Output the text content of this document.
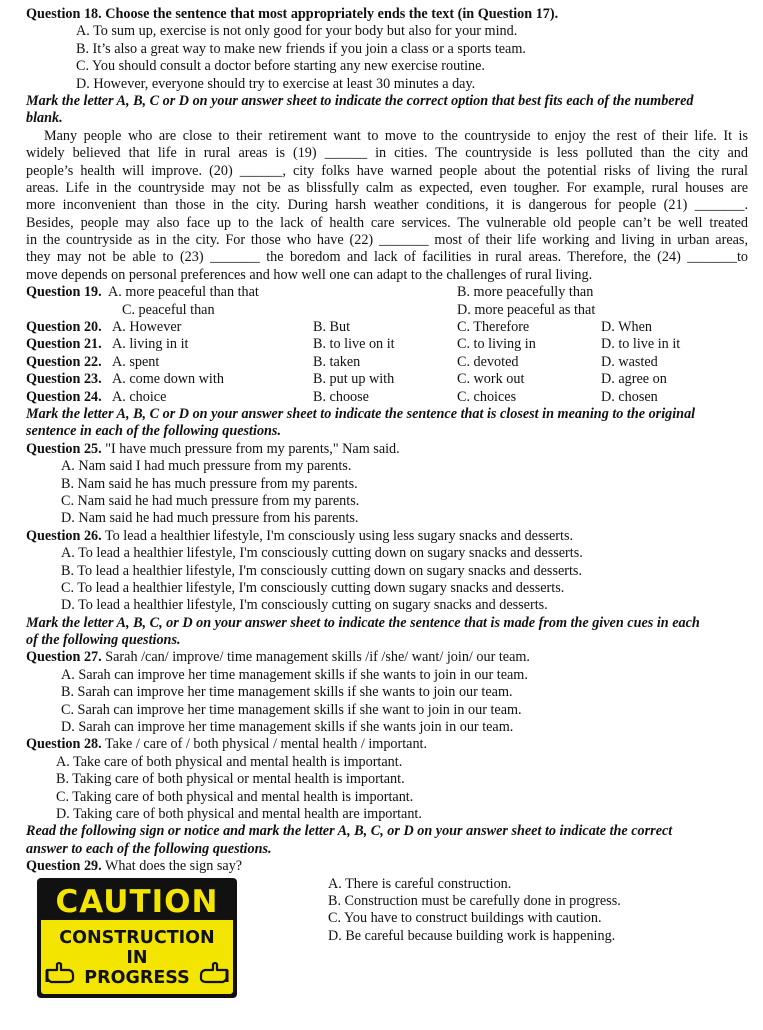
Question 18. Choose the sentence that most appropriately ends the text (in Question 17).
A. To sum up, exercise is not only good for your body but also for your mind.
B. It’s also a great way to make new friends if you join a class or a sports team.
C. You should consult a doctor before starting any new exercise routine.
D. However, everyone should try to exercise at least 30 minutes a day.
Mark the letter A, B, C or D on your answer sheet to indicate the correct option that best fits each of the numbered
blank.
Many people who are close to their retirement want to move to the countryside to enjoy the rest of their life. It is
widely believed that life in rural areas is (19) ______ in cities. The countryside is less polluted than the city and
people’s health will improve. (20) ______, city folks have warned people about the potential risks of living the rural
areas. Life in the countryside may not be as blissfully calm as expected, even tougher. For example, rural houses are
more inconvenient than those in the city. During harsh weather conditions, it is dangerous for people (21) _______.
Besides, people may also face up to the lack of health care services. The vulnerable old people can’t be well treated
in the countryside as in the city. For those who have (22) _______ most of their life working and living in urban areas,
they may not be able to (23) _______ the boredom and lack of facilities in rural areas. Therefore, the (24) _______to
move depends on personal preferences and how well one can adapt to the challenges of rural living.
Question 19. A. more peaceful than that	B. more peacefully than
C. peaceful than	D. more peaceful as that
Question 20. A. However	B. But	C. Therefore	D. When
Question 21. A. living in it	B. to live on it	C. to living in	D. to live in it
Question 22. A. spent	B. taken	C. devoted	D. wasted
Question 23. A. come down with	B. put up with	C. work out	D. agree on
Question 24. A. choice	B. choose	C. choices	D. chosen
Mark the letter A, B, C or D on your answer sheet to indicate the sentence that is closest in meaning to the original
sentence in each of the following questions.
Question 25. "I have much pressure from my parents," Nam said.
A. Nam said I had much pressure from my parents.
B. Nam said he has much pressure from my parents.
C. Nam said he had much pressure from my parents.
D. Nam said he had much pressure from his parents.
Question 26. To lead a healthier lifestyle, I'm consciously using less sugary snacks and desserts.
A. To lead a healthier lifestyle, I'm consciously cutting down on sugary snacks and desserts.
B. To lead a healthier lifestyle, I'm consciously cutting down on sugary snacks and desserts.
C. To lead a healthier lifestyle, I'm consciously cutting down sugary snacks and desserts.
D. To lead a healthier lifestyle, I'm consciously cutting on sugary snacks and desserts.
Mark the letter A, B, C, or D on your answer sheet to indicate the sentence that is made from the given cues in each
of the following questions.
Question 27. Sarah /can/ improve/ time management skills /if /she/ want/ join/ our team.
A. Sarah can improve her time management skills if she wants to join in our team.
B. Sarah can improve her time management skills if she wants to join our team.
C. Sarah can improve her time management skills if she want to join in our team.
D. Sarah can improve her time management skills if she wants join in our team.
Question 28. Take / care of / both physical / mental health / important.
A. Take care of both physical and mental health is important.
B. Taking care of both physical or mental health is important.
C. Taking care of both physical and mental health is important.
D. Taking care of both physical and mental health are important.
Read the following sign or notice and mark the letter A, B, C, or D on your answer sheet to indicate the correct
answer to each of the following questions.
Question 29. What does the sign say?
CAUTION
CONSTRUCTION
IN
PROGRESS
A. There is careful construction.
B. Construction must be carefully done in progress.
C. You have to construct buildings with caution.
D. Be careful because building work is happening.
